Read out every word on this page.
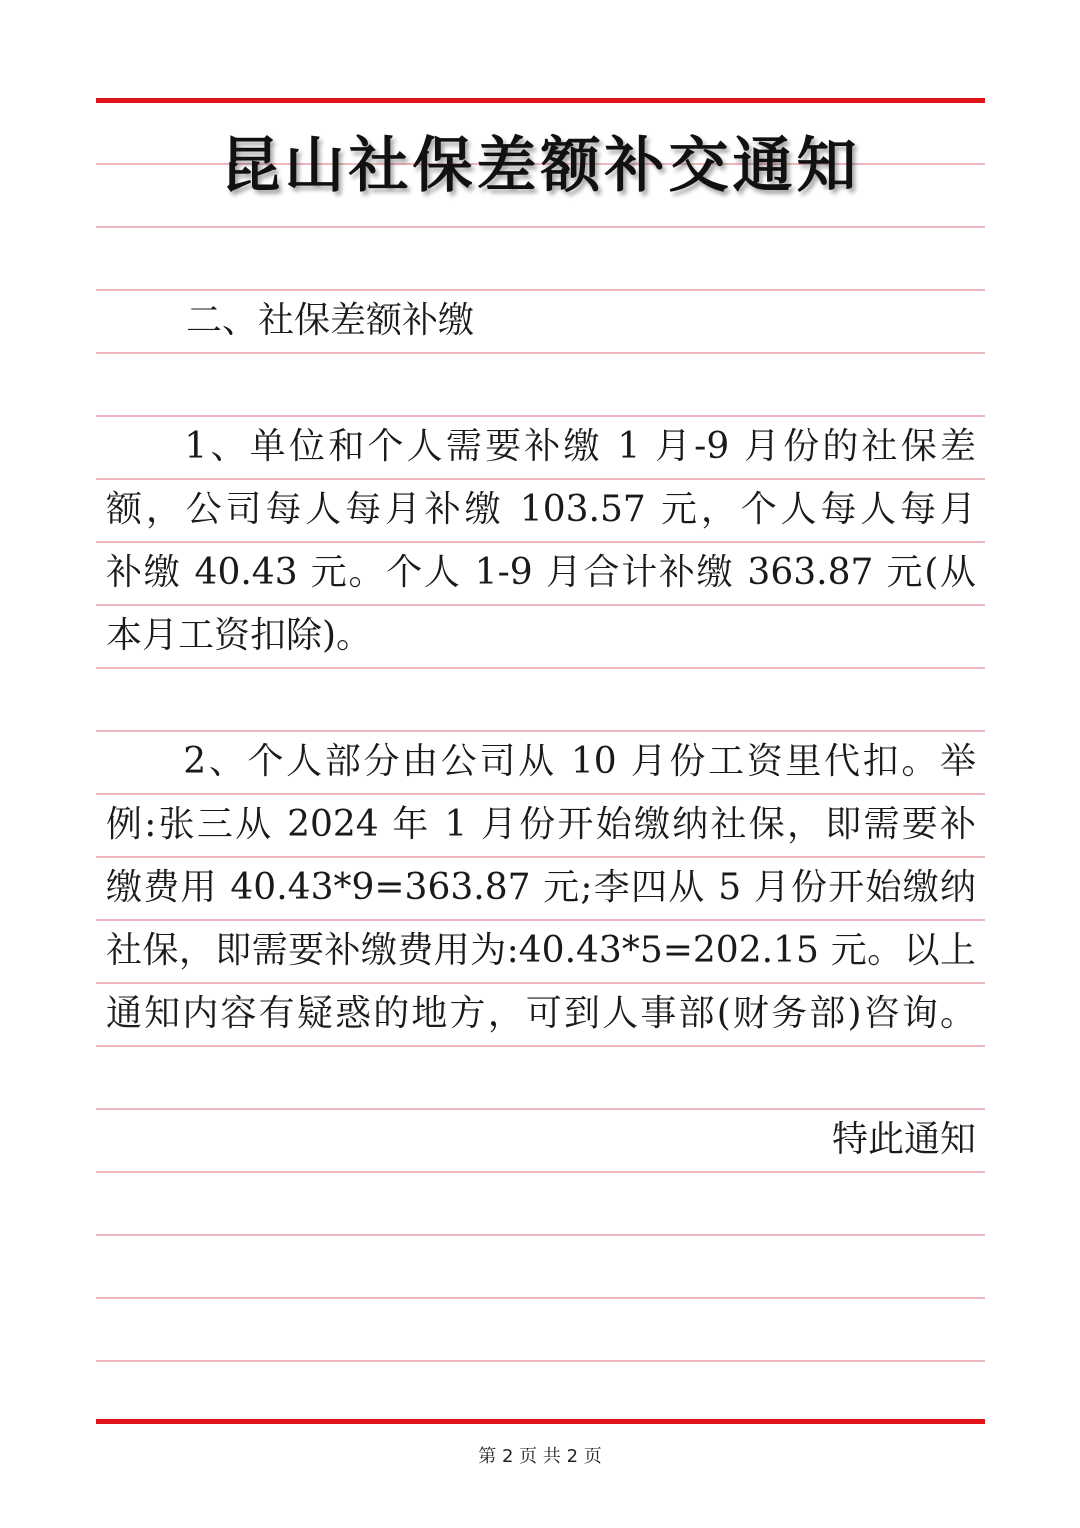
昆山社保差额补交通知
二、社保差额补缴
　　1、单位和个人需要补缴 1 月-9 月份的社保差
额，公司每人每月补缴 103.57 元，个人每人每月
补缴 40.43 元。个人 1-9 月合计补缴 363.87 元(从
本月工资扣除)。
　　2、个人部分由公司从 10 月份工资里代扣。举
例:张三从 2024 年 1 月份开始缴纳社保，即需要补
缴费用 40.43*9=363.87 元;李四从 5 月份开始缴纳
社保，即需要补缴费用为:40.43*5=202.15 元。以上
通知内容有疑惑的地方，可到人事部(财务部)咨询。
特此通知
第 2 页 共 2 页
